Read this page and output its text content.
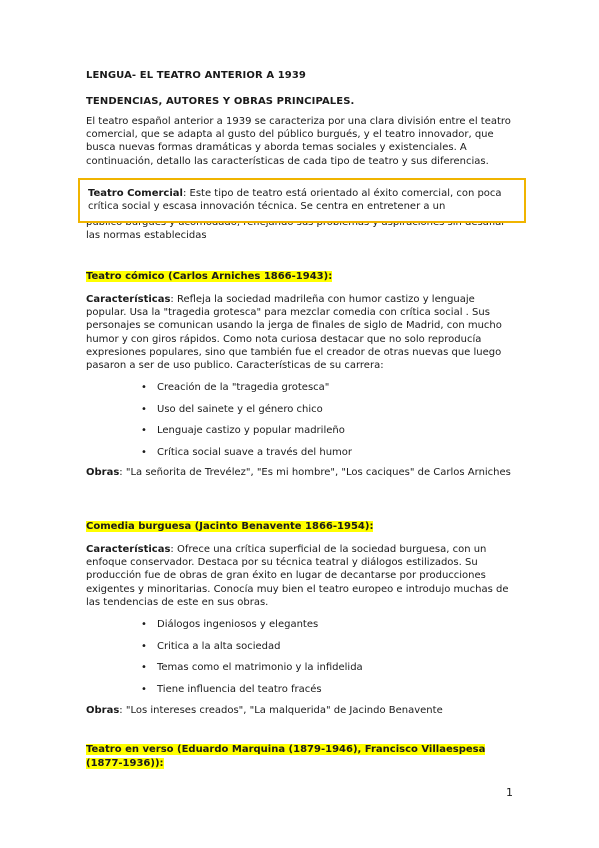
LENGUA- EL TEATRO ANTERIOR A 1939

TENDENCIAS, AUTORES Y OBRAS PRINCIPALES.

El teatro español anterior a 1939 se caracteriza por una clara división entre el teatro comercial, que se adapta al gusto del público burgués, y el teatro innovador, que busca nuevas formas dramáticas y aborda temas sociales y existenciales. A continuación, detallo las características de cada tipo de teatro y sus diferencias.

las normas establecidas

Teatro Comercial: Este tipo de teatro está orientado al éxito comercial, con poca crítica social y escasa innovación técnica. Se centra en entretener a un

Teatro cómico (Carlos Arniches 1866-1943):

Características: Refleja la sociedad madrileña con humor castizo y lenguaje popular. Usa la "tragedia grotesca" para mezclar comedia con crítica social . Sus personajes se comunican usando la jerga de finales de siglo de Madrid, con mucho humor y con giros rápidos. Como nota curiosa destacar que no solo reproducía expresiones populares, sino que también fue el creador de otras nuevas que luego pasaron a ser de uso publico. Características de su carrera:

• Creación de la "tragedia grotesca"
• Uso del sainete y el género chico
• Lenguaje castizo y popular madrileño
• Crítica social suave a través del humor

Obras: "La señorita de Trevélez", "Es mi hombre", "Los caciques" de Carlos Arniches

Comedia burguesa (Jacinto Benavente 1866-1954):

Características: Ofrece una crítica superficial de la sociedad burguesa, con un enfoque conservador. Destaca por su técnica teatral y diálogos estilizados. Su producción fue de obras de gran éxito en lugar de decantarse por producciones exigentes y minoritarias. Conocía muy bien el teatro europeo e introdujo muchas de las tendencias de este en sus obras.

• Diálogos ingeniosos y elegantes
• Critica a la alta sociedad
• Temas como el matrimonio y la infidelida
• Tiene influencia del teatro fracés

Obras: "Los intereses creados", "La malquerida" de Jacindo Benavente

Teatro en verso (Eduardo Marquina (1879-1946), Francisco Villaespesa

(1877-1936)):

1
